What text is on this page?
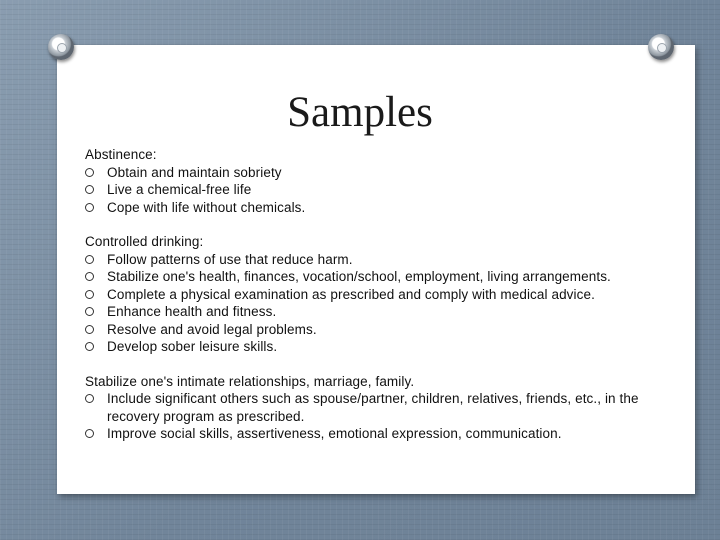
Samples
Abstinence:
Obtain and maintain sobriety
Live a chemical-free life
Cope with life without chemicals.
Controlled drinking:
Follow patterns of use that reduce harm.
Stabilize one's health, finances, vocation/school, employment, living arrangements.
Complete a physical examination as prescribed and comply with medical advice.
Enhance health and fitness.
Resolve and avoid legal problems.
Develop sober leisure skills.
Stabilize one's intimate relationships, marriage, family.
Include significant others such as spouse/partner, children, relatives, friends, etc., in the recovery program as prescribed.
Improve social skills, assertiveness, emotional expression, communication.
